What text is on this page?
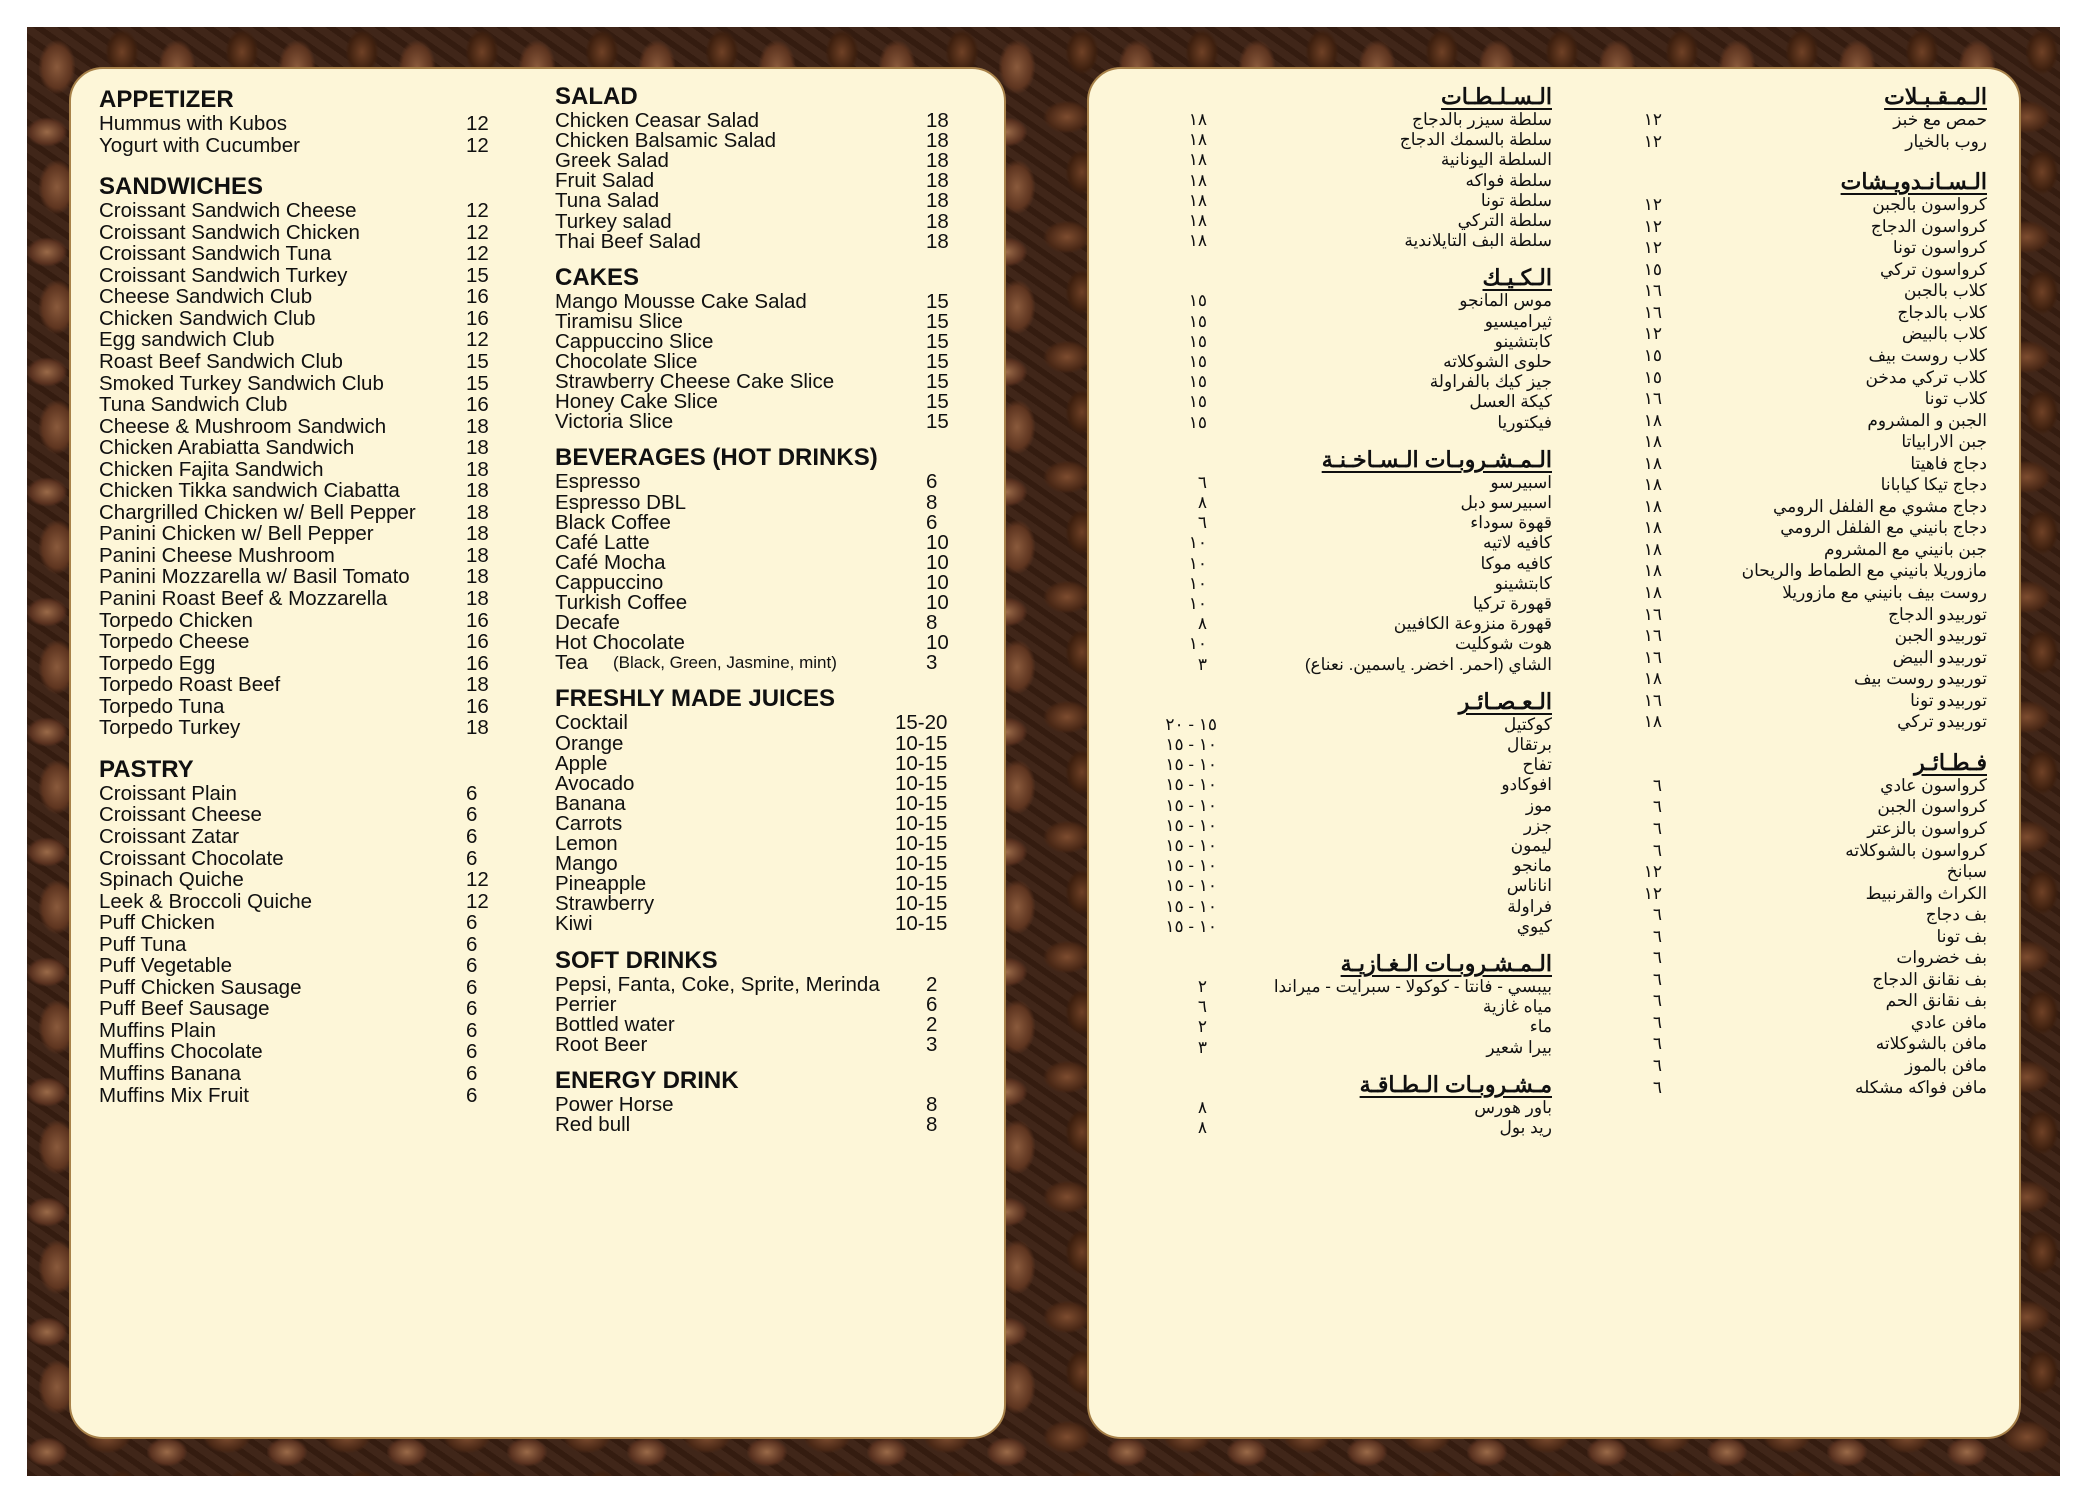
APPETIZER
Hummus with Kubos	12
Yogurt with Cucumber	12
SANDWICHES
Croissant Sandwich Cheese	12
Croissant Sandwich Chicken	12
Croissant Sandwich Tuna	12
Croissant Sandwich Turkey	15
Cheese Sandwich Club	16
Chicken Sandwich Club	16
Egg sandwich Club	12
Roast Beef Sandwich Club	15
Smoked Turkey Sandwich Club	15
Tuna Sandwich Club	16
Cheese & Mushroom Sandwich	18
Chicken Arabiatta Sandwich	18
Chicken Fajita Sandwich	18
Chicken Tikka sandwich Ciabatta	18
Chargrilled Chicken w/ Bell Pepper 18
Panini Chicken w/ Bell Pepper	18
Panini Cheese Mushroom	18
Panini Mozzarella w/ Basil Tomato	18
Panini Roast Beef & Mozzarella	18
Torpedo Chicken	16
Torpedo Cheese	16
Torpedo Egg	16
Torpedo Roast Beef	18
Torpedo Tuna	16
Torpedo Turkey	18
PASTRY
Croissant Plain	6
Croissant Cheese	6
Croissant Zatar	6
Croissant Chocolate	6
Spinach Quiche	12
Leek & Broccoli Quiche	12
Puff Chicken	6
Puff Tuna	6
Puff Vegetable	6
Puff Chicken Sausage	6
Puff Beef Sausage	6
Muffins Plain	6
Muffins Chocolate	6
Muffins Banana	6
Muffins Mix Fruit	6
SALAD
Chicken Ceasar Salad	18
Chicken Balsamic Salad	18
Greek Salad	18
Fruit Salad	18
Tuna Salad	18
Turkey salad	18
Thai Beef Salad	18
CAKES
Mango Mousse Cake Salad	15
Tiramisu Slice	15
Cappuccino Slice	15
Chocolate Slice	15
Strawberry Cheese Cake Slice	15
Honey Cake Slice	15
Victoria Slice	15
BEVERAGES (HOT DRINKS)
Espresso	6
Espresso DBL	8
Black Coffee	6
Café Latte	10
Café Mocha	10
Cappuccino	10
Turkish Coffee	10
Decafe	8
Hot Chocolate	10
Tea (Black, Green, Jasmine, mint)	3
FRESHLY MADE JUICES
Cocktail	15-20
Orange	10-15
Apple	10-15
Avocado	10-15
Banana	10-15
Carrots	10-15
Lemon	10-15
Mango	10-15
Pineapple	10-15
Strawberry	10-15
Kiwi	10-15
SOFT DRINKS
Pepsi, Fanta, Coke, Sprite, Merinda 2
Perrier	6
Bottled water	2
Root Beer	3
ENERGY DRINK
Power Horse	8
Red bull	8
الـمـقـبـلات
حمص مع خبز
١٢
روب بالخيار
١٢
الـسـانـدويـشات
كرواسون بالجبن
١٢
كرواسون الدجاج
١٢
كرواسون تونا
١٢
كرواسون تركي
١٥
كلاب بالجبن
١٦
كلاب بالدجاج
١٦
كلاب بالبيض
١٢
كلاب روست بيف
١٥
كلاب تركي مدخن
١٥
كلاب تونا
١٦
الجبن و المشروم
١٨
جبن الارابياتا
١٨
دجاج فاهيتا
١٨
دجاج تيكا كيابانا
١٨
دجاج مشوي مع الفلفل الرومي
١٨
دجاج بانيني مع الفلفل الرومي
١٨
جبن بانيني مع المشروم
١٨
مازوريلا بانيني مع الطماط والريحان
١٨
روست بيف بانيني مع مازوريلا
١٨
توربيدو الدجاج
١٦
توربيدو الجبن
١٦
توربيدو البيض
١٦
توربيدو روست بيف
١٨
توربيدو تونا
١٦
توربيدو تركي
١٨
فـطـائـر
كرواسون عادي
٦
كرواسون الجبن
٦
كرواسون بالزعتر
٦
كرواسون بالشوكلاته
٦
سبانخ
١٢
الكراث والقرنبيط
١٢
بف دجاج
٦
بف تونا
٦
بف خضروات
٦
بف نقانق الدجاج
٦
بف نقانق الحم
٦
مافن عادي
٦
مافن بالشوكلاته
٦
مافن بالموز
٦
مافن فواكه مشكله
٦
الـسـلـطـات
سلطة سيزر بالدجاج
١٨
سلطة بالسمك الدجاج
١٨
السلطة اليونانية
١٨
سلطة فواكه
١٨
سلطة تونا
١٨
سلطة التركي
١٨
سلطة البف التايلاندية
١٨
الـكـيـك
موس المانجو
١٥
ثيراميسيو
١٥
كابتشينو
١٥
حلوى الشوكلاته
١٥
جيز كيك بالفراولة
١٥
كيكة العسل
١٥
فيكتوريا
١٥
الـمـشـروبـات الـسـاخـنـة
اسبيرسو
٦
اسبيرسو دبل
٨
قهوة سوداء
٦
كافيه لاتيه
١٠
كافيه موكا
١٠
كابتشينو
١٠
قهورة تركيا
١٠
قهورة منزوعة الكافيين
٨
هوت شوكليت
١٠
الشاي (احمر. اخضر. ياسمين. نعناع)
٣
الـعـصـائـر
كوكتيل
١٥ - ٢٠
برتقال
١٠ - ١٥
تفاح
١٠ - ١٥
افوكادو
١٠ - ١٥
موز
١٠ - ١٥
جزر
١٠ - ١٥
ليمون
١٠ - ١٥
مانجو
١٠ - ١٥
اناناس
١٠ - ١٥
فراولة
١٠ - ١٥
كيوي
١٠ - ١٥
الـمـشـروبـات الـغـازيـة
بيبسي - فانتا - كوكولا - سبرايت - ميراندا
٢
مياه غازية
٦
ماء
٢
بيرا شعير
٣
مـشـروبـات الـطـاقـة
باور هورس
٨
ريد بول
٨
